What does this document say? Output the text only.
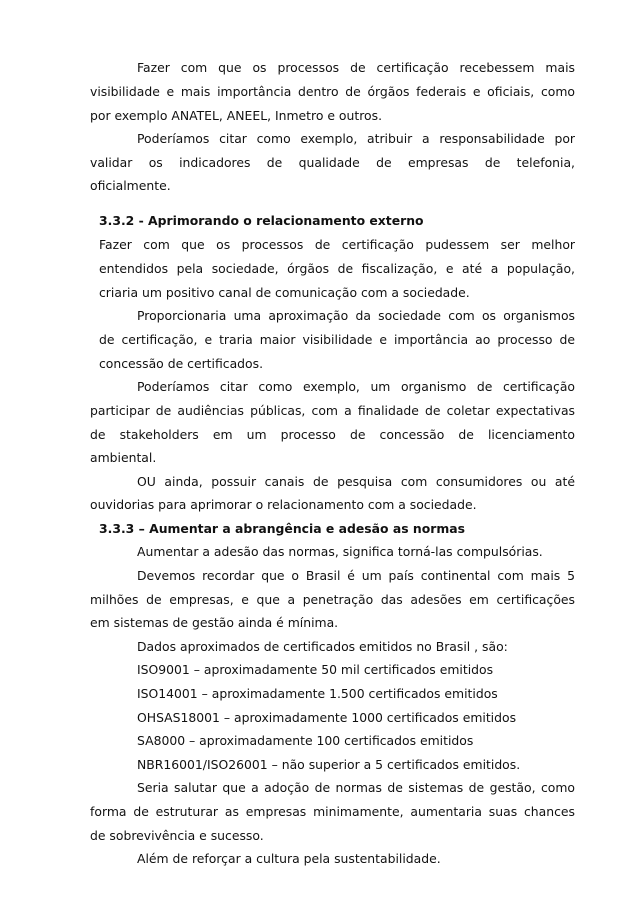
Fazer com que os processos de certificação recebessem mais
visibilidade e mais importância dentro de órgãos federais e oficiais, como
por exemplo ANATEL, ANEEL, Inmetro e outros.
Poderíamos citar como exemplo, atribuir a responsabilidade por
validar os indicadores de qualidade de empresas de telefonia,
oficialmente.
3.3.2 - Aprimorando o relacionamento externo
Fazer com que os processos de certificação pudessem ser melhor
entendidos pela sociedade, órgãos de fiscalização, e até a população,
criaria um positivo canal de comunicação com a sociedade.
Proporcionaria uma aproximação da sociedade com os organismos
de certificação, e traria maior visibilidade e importância ao processo de
concessão de certificados.
Poderíamos citar como exemplo, um organismo de certificação
participar de audiências públicas, com a finalidade de coletar expectativas
de stakeholders em um processo de concessão de licenciamento
ambiental.
OU ainda, possuir canais de pesquisa com consumidores ou até
ouvidorias para aprimorar o relacionamento com a sociedade.
3.3.3 – Aumentar a abrangência e adesão as normas
Aumentar a adesão das normas, significa torná-las compulsórias.
Devemos recordar que o Brasil é um país continental com mais 5
milhões de empresas, e que a penetração das adesões em certificações
em sistemas de gestão ainda é mínima.
Dados aproximados de certificados emitidos no Brasil , são:
ISO9001 – aproximadamente 50 mil certificados emitidos
ISO14001 – aproximadamente 1.500 certificados emitidos
OHSAS18001 – aproximadamente 1000 certificados emitidos
SA8000 – aproximadamente 100 certificados emitidos
NBR16001/ISO26001 – não superior a 5 certificados emitidos.
Seria salutar que a adoção de normas de sistemas de gestão, como
forma de estruturar as empresas minimamente, aumentaria suas chances
de sobrevivência e sucesso.
Além de reforçar a cultura pela sustentabilidade.
